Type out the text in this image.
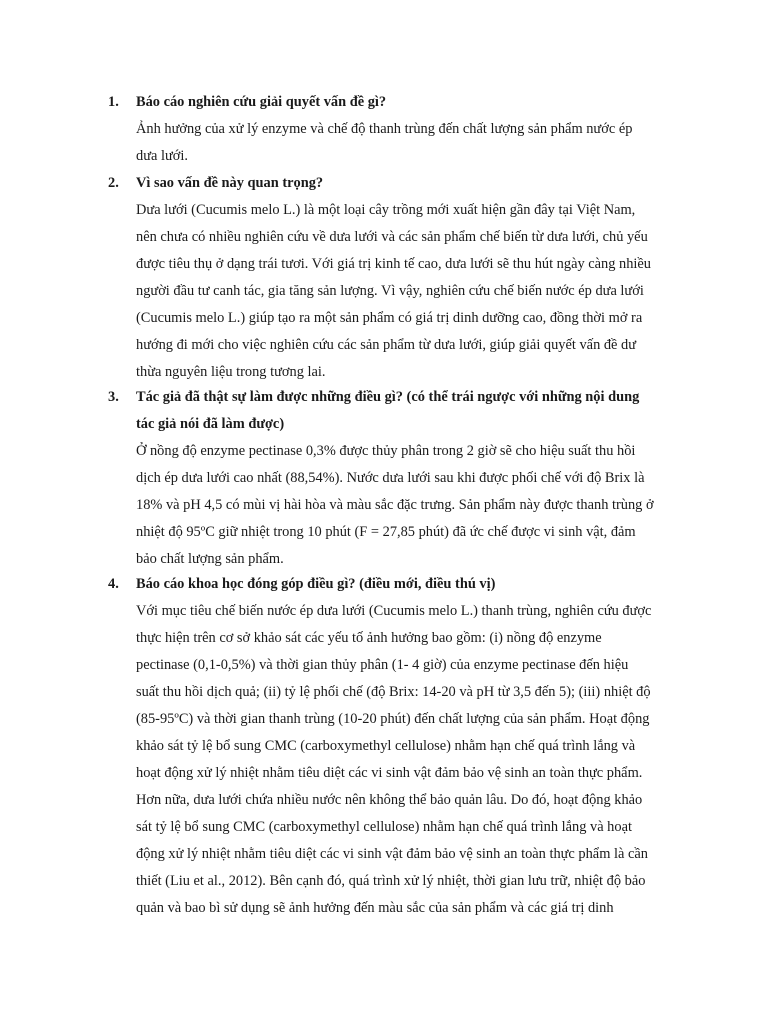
1. Báo cáo nghiên cứu giải quyết vấn đề gì?
Ảnh hưởng của xử lý enzyme và chế độ thanh trùng đến chất lượng sản phẩm nước ép
dưa lưới.
2. Vì sao vấn đề này quan trọng?
Dưa lưới (Cucumis melo L.) là một loại cây trồng mới xuất hiện gần đây tại Việt Nam,
nên chưa có nhiều nghiên cứu về dưa lưới và các sản phẩm chế biến từ dưa lưới, chủ yếu
được tiêu thụ ở dạng trái tươi. Với giá trị kinh tế cao, dưa lưới sẽ thu hút ngày càng nhiều
người đầu tư canh tác, gia tăng sản lượng. Vì vậy, nghiên cứu chế biến nước ép dưa lưới
(Cucumis melo L.) giúp tạo ra một sản phẩm có giá trị dinh dưỡng cao, đồng thời mở ra
hướng đi mới cho việc nghiên cứu các sản phẩm từ dưa lưới, giúp giải quyết vấn đề dư
thừa nguyên liệu trong tương lai.
3. Tác giả đã thật sự làm được những điều gì? (có thể trái ngược với những nội dung
tác giả nói đã làm được)
Ở nồng độ enzyme pectinase 0,3% được thủy phân trong 2 giờ sẽ cho hiệu suất thu hồi
dịch ép dưa lưới cao nhất (88,54%). Nước dưa lưới sau khi được phối chế với độ Brix là
18% và pH 4,5 có mùi vị hài hòa và màu sắc đặc trưng. Sản phẩm này được thanh trùng ở
nhiệt độ 95ºC giữ nhiệt trong 10 phút (F = 27,85 phút) đã ức chế được vi sinh vật, đảm
bảo chất lượng sản phẩm.
4. Báo cáo khoa học đóng góp điều gì? (điều mới, điều thú vị)
Với mục tiêu chế biến nước ép dưa lưới (Cucumis melo L.) thanh trùng, nghiên cứu được
thực hiện trên cơ sở khảo sát các yếu tố ảnh hưởng bao gồm: (i) nồng độ enzyme
pectinase (0,1-0,5%) và thời gian thủy phân (1- 4 giờ) của enzyme pectinase đến hiệu
suất thu hồi dịch quả; (ii) tỷ lệ phối chế (độ Brix: 14-20 và pH từ 3,5 đến 5); (iii) nhiệt độ
(85-95ºC) và thời gian thanh trùng (10-20 phút) đến chất lượng của sản phẩm. Hoạt động
khảo sát tỷ lệ bổ sung CMC (carboxymethyl cellulose) nhằm hạn chế quá trình lắng và
hoạt động xử lý nhiệt nhằm tiêu diệt các vi sinh vật đảm bảo vệ sinh an toàn thực phẩm.
Hơn nữa, dưa lưới chứa nhiều nước nên không thể bảo quản lâu. Do đó, hoạt động khảo
sát tỷ lệ bổ sung CMC (carboxymethyl cellulose) nhằm hạn chế quá trình lắng và hoạt
động xử lý nhiệt nhằm tiêu diệt các vi sinh vật đảm bảo vệ sinh an toàn thực phẩm là cần
thiết (Liu et al., 2012). Bên cạnh đó, quá trình xử lý nhiệt, thời gian lưu trữ, nhiệt độ bảo
quản và bao bì sử dụng sẽ ảnh hưởng đến màu sắc của sản phẩm và các giá trị dinh
